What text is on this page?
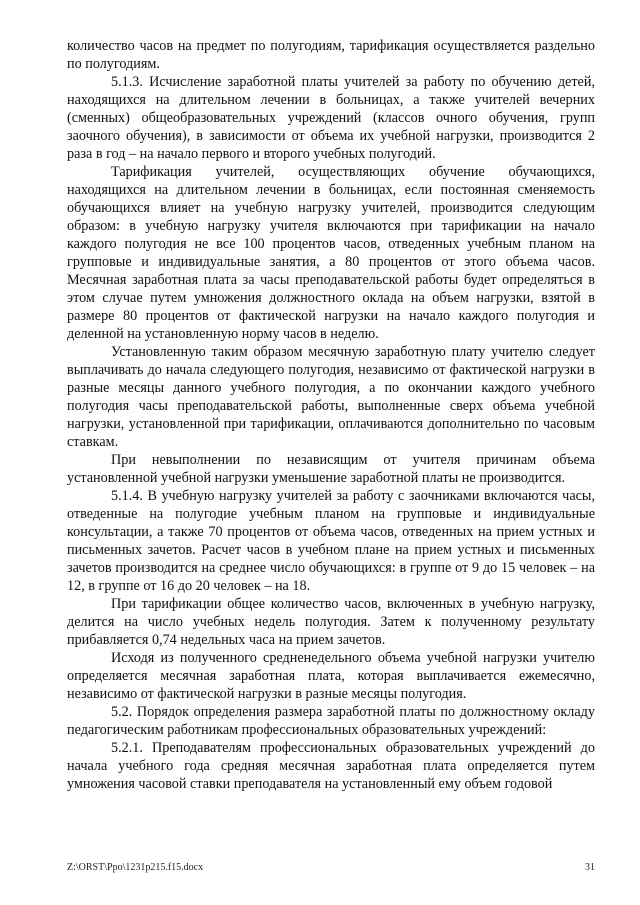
количество часов на предмет по полугодиям, тарификация осуществляется раздельно по полугодиям.

5.1.3. Исчисление заработной платы учителей за работу по обучению детей, находящихся на длительном лечении в больницах, а также учителей вечерних (сменных) общеобразовательных учреждений (классов очного обучения, групп заочного обучения), в зависимости от объема их учебной нагрузки, производится 2 раза в год – на начало первого и второго учебных полугодий.

Тарификация учителей, осуществляющих обучение обучающихся, находящихся на длительном лечении в больницах, если постоянная сменяемость обучающихся влияет на учебную нагрузку учителей, производится следующим образом: в учебную нагрузку учителя включаются при тарификации на начало каждого полугодия не все 100 процентов часов, отведенных учебным планом на групповые и индивидуальные занятия, а 80 процентов от этого объема часов. Месячная заработная плата за часы преподавательской работы будет определяться в этом случае путем умножения должностного оклада на объем нагрузки, взятой в размере 80 процентов от фактической нагрузки на начало каждого полугодия и деленной на установленную норму часов в неделю.

Установленную таким образом месячную заработную плату учителю следует выплачивать до начала следующего полугодия, независимо от фактической нагрузки в разные месяцы данного учебного полугодия, а по окончании каждого учебного полугодия часы преподавательской работы, выполненные сверх объема учебной нагрузки, установленной при тарификации, оплачиваются дополнительно по часовым ставкам.

При невыполнении по независящим от учителя причинам объема установленной учебной нагрузки уменьшение заработной платы не производится.

5.1.4. В учебную нагрузку учителей за работу с заочниками включаются часы, отведенные на полугодие учебным планом на групповые и индивидуальные консультации, а также 70 процентов от объема часов, отведенных на прием устных и письменных зачетов. Расчет часов в учебном плане на прием устных и письменных зачетов производится на среднее число обучающихся: в группе от 9 до 15 человек – на 12, в группе от 16 до 20 человек – на 18.

При тарификации общее количество часов, включенных в учебную нагрузку, делится на число учебных недель полугодия. Затем к полученному результату прибавляется 0,74 недельных часа на прием зачетов.

Исходя из полученного средненедельного объема учебной нагрузки учителю определяется месячная заработная плата, которая выплачивается ежемесячно, независимо от фактической нагрузки в разные месяцы полугодия.

5.2. Порядок определения размера заработной платы по должностному окладу педагогическим работникам профессиональных образовательных учреждений:

5.2.1. Преподавателям профессиональных образовательных учреждений до начала учебного года средняя месячная заработная плата определяется путем умножения часовой ставки преподавателя на установленный ему объем годовой

Z:\ORST\Ppo\1231p215.f15.docx	31
